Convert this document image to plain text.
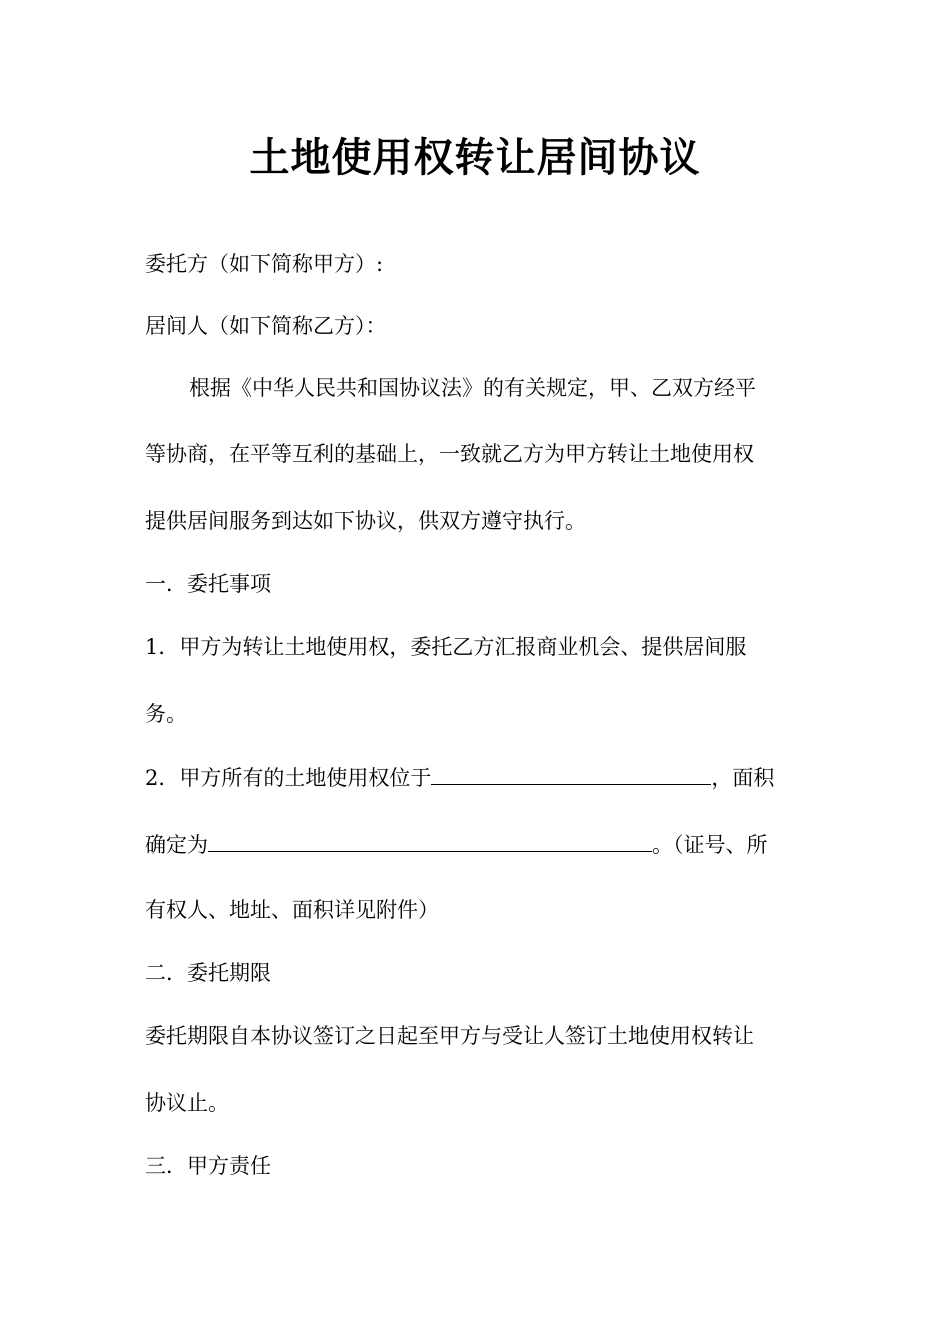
土地使用权转让居间协议
委托方（如下简称甲方）:
居间人（如下简称乙方）：
根据《中华人民共和国协议法》的有关规定，甲、乙双方经平
等协商，在平等互利的基础上，一致就乙方为甲方转让土地使用权
提供居间服务到达如下协议，供双方遵守执行。
一．委托事项
1．甲方为转让土地使用权，委托乙方汇报商业机会、提供居间服
务。
2．甲方所有的土地使用权位于	，面积
确定为	。（证号、所
有权人、地址、面积详见附件）
二．委托期限
委托期限自本协议签订之日起至甲方与受让人签订土地使用权转让
协议止。
三．甲方责任
